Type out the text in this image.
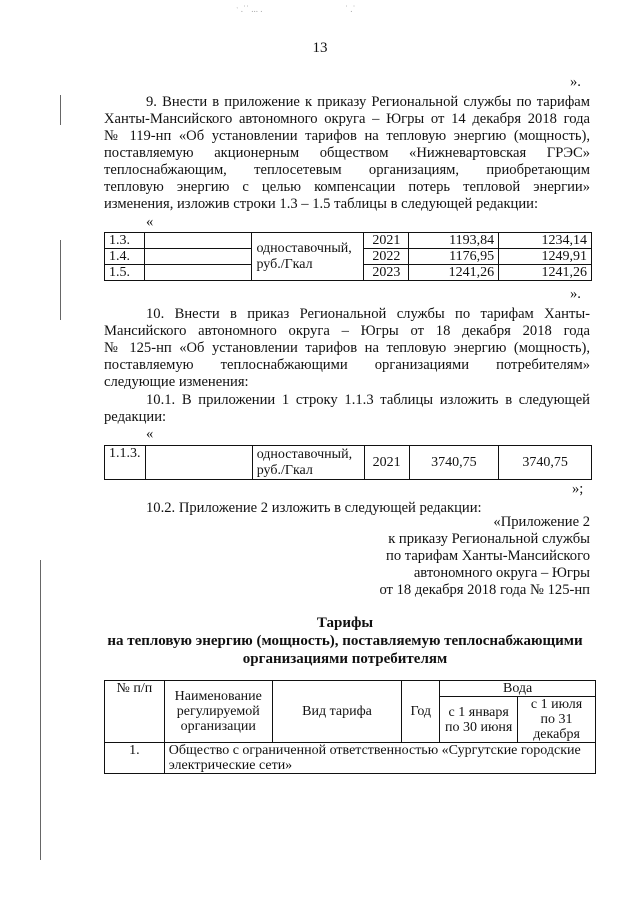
ˑ .˙˙ ... .	˙ .˙
13
».
9. Внести в приложение к приказу Региональной службы по тарифам
Ханты-Мансийского автономного округа – Югры от 14 декабря 2018 года
№ 119-нп «Об установлении тарифов на тепловую энергию (мощность),
поставляемую акционерным обществом «Нижневартовская ГРЭС»
теплоснабжающим, теплосетевым организациям, приобретающим
тепловую энергию с целью компенсации потерь тепловой энергии»
изменения, изложив строки 1.3 – 1.5 таблицы в следующей редакции:
«
1.3.		одноставочный, руб./Гкал	2021	1193,84	1234,14
1.4.			2022	1176,95	1249,91
1.5.			2023	1241,26	1241,26
».
10. Внести в приказ Региональной службы по тарифам Ханты-
Мансийского автономного округа – Югры от 18 декабря 2018 года
№ 125-нп «Об установлении тарифов на тепловую энергию (мощность),
поставляемую теплоснабжающими организациями потребителям»
следующие изменения:
10.1. В приложении 1 строку 1.1.3 таблицы изложить в следующей
редакции:
«
1.1.3.		одноставочный, руб./Гкал	2021	3740,75	3740,75
»;
10.2. Приложение 2 изложить в следующей редакции:
«Приложение 2
к приказу Региональной службы
по тарифам Ханты-Мансийского
автономного округа – Югры
от 18 декабря 2018 года № 125-нп
Тарифы
на тепловую энергию (мощность), поставляемую теплоснабжающими
организациями потребителям
№ п/п	Наименование регулируемой организации	Вид тарифа	Год	Вода	
				с 1 января по 30 июня	с 1 июля по 31 декабря
1.	Общество с ограниченной ответственностью «Сургутские городские электрические сети»				
